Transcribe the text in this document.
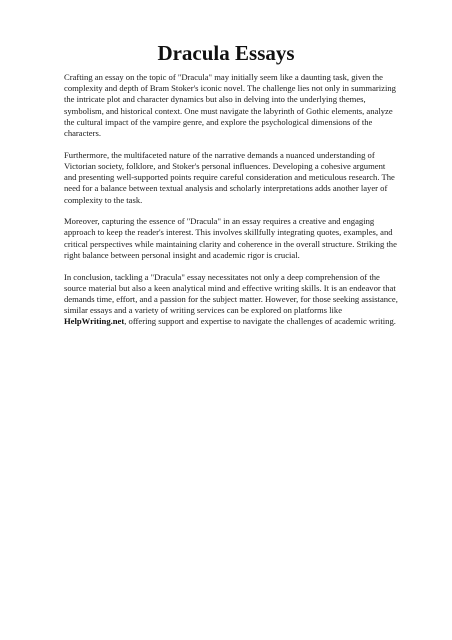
Dracula Essays

Crafting an essay on the topic of "Dracula" may initially seem like a daunting task, given the complexity and depth of Bram Stoker's iconic novel. The challenge lies not only in summarizing the intricate plot and character dynamics but also in delving into the underlying themes, symbolism, and historical context. One must navigate the labyrinth of Gothic elements, analyze the cultural impact of the vampire genre, and explore the psychological dimensions of the characters.

Furthermore, the multifaceted nature of the narrative demands a nuanced understanding of Victorian society, folklore, and Stoker's personal influences. Developing a cohesive argument and presenting well-supported points require careful consideration and meticulous research. The need for a balance between textual analysis and scholarly interpretations adds another layer of complexity to the task.

Moreover, capturing the essence of "Dracula" in an essay requires a creative and engaging approach to keep the reader's interest. This involves skillfully integrating quotes, examples, and critical perspectives while maintaining clarity and coherence in the overall structure. Striking the right balance between personal insight and academic rigor is crucial.

In conclusion, tackling a "Dracula" essay necessitates not only a deep comprehension of the source material but also a keen analytical mind and effective writing skills. It is an endeavor that demands time, effort, and a passion for the subject matter. However, for those seeking assistance, similar essays and a variety of writing services can be explored on platforms like HelpWriting.net, offering support and expertise to navigate the challenges of academic writing.
